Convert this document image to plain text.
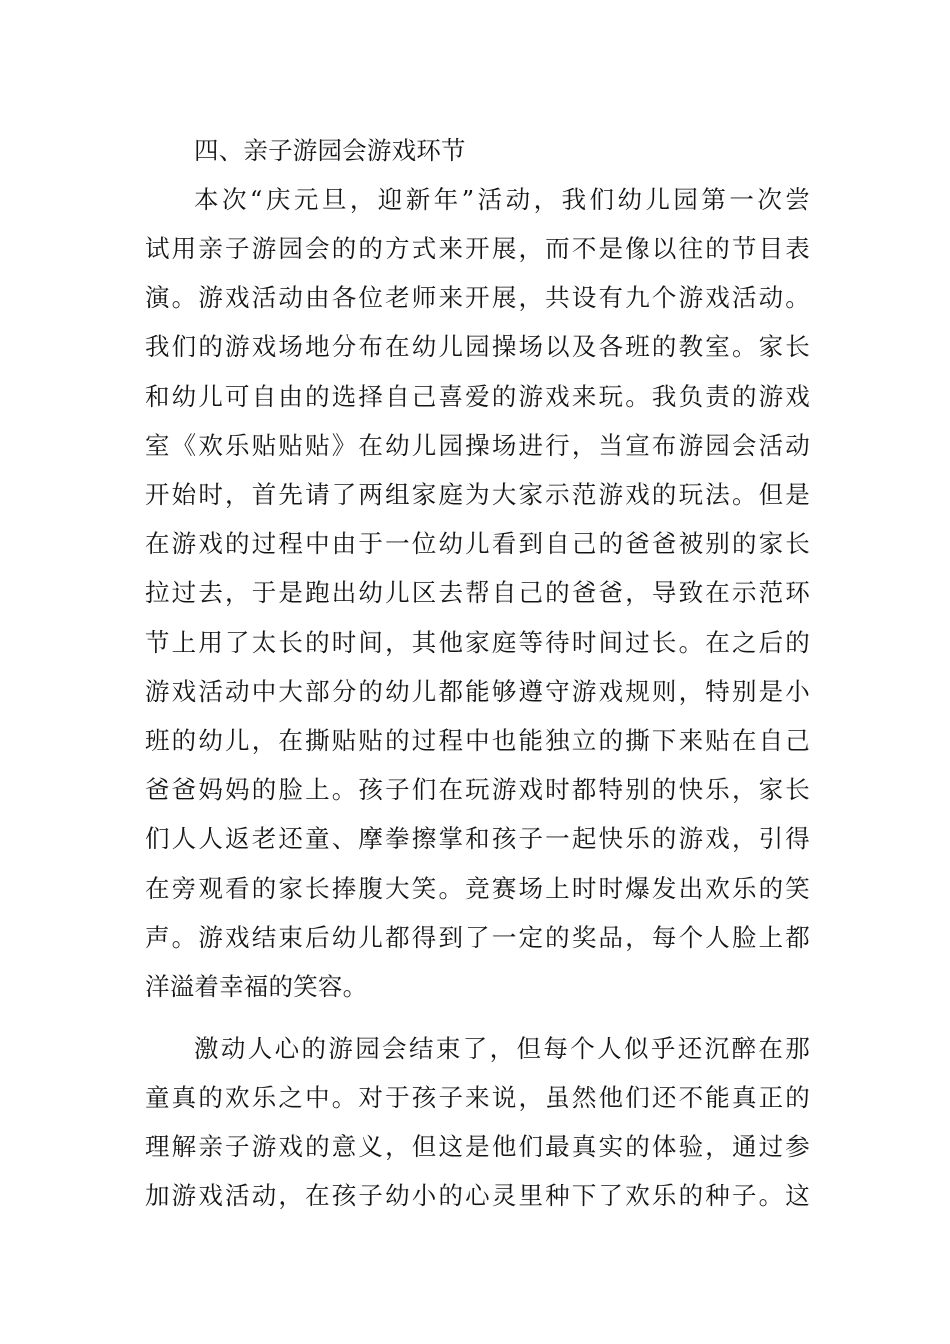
四、亲子游园会游戏环节
本次“庆元旦，迎新年”活动，我们幼儿园第一次尝
试用亲子游园会的的方式来开展，而不是像以往的节目表
演。游戏活动由各位老师来开展，共设有九个游戏活动。
我们的游戏场地分布在幼儿园操场以及各班的教室。家长
和幼儿可自由的选择自己喜爱的游戏来玩。我负责的游戏
室《欢乐贴贴贴》在幼儿园操场进行，当宣布游园会活动
开始时，首先请了两组家庭为大家示范游戏的玩法。但是
在游戏的过程中由于一位幼儿看到自己的爸爸被别的家长
拉过去，于是跑出幼儿区去帮自己的爸爸，导致在示范环
节上用了太长的时间，其他家庭等待时间过长。在之后的
游戏活动中大部分的幼儿都能够遵守游戏规则，特别是小
班的幼儿，在撕贴贴的过程中也能独立的撕下来贴在自己
爸爸妈妈的脸上。孩子们在玩游戏时都特别的快乐，家长
们人人返老还童、摩拳擦掌和孩子一起快乐的游戏，引得
在旁观看的家长捧腹大笑。竞赛场上时时爆发出欢乐的笑
声。游戏结束后幼儿都得到了一定的奖品，每个人脸上都
洋溢着幸福的笑容。
激动人心的游园会结束了，但每个人似乎还沉醉在那
童真的欢乐之中。对于孩子来说，虽然他们还不能真正的
理解亲子游戏的意义，但这是他们最真实的体验，通过参
加游戏活动，在孩子幼小的心灵里种下了欢乐的种子。这
